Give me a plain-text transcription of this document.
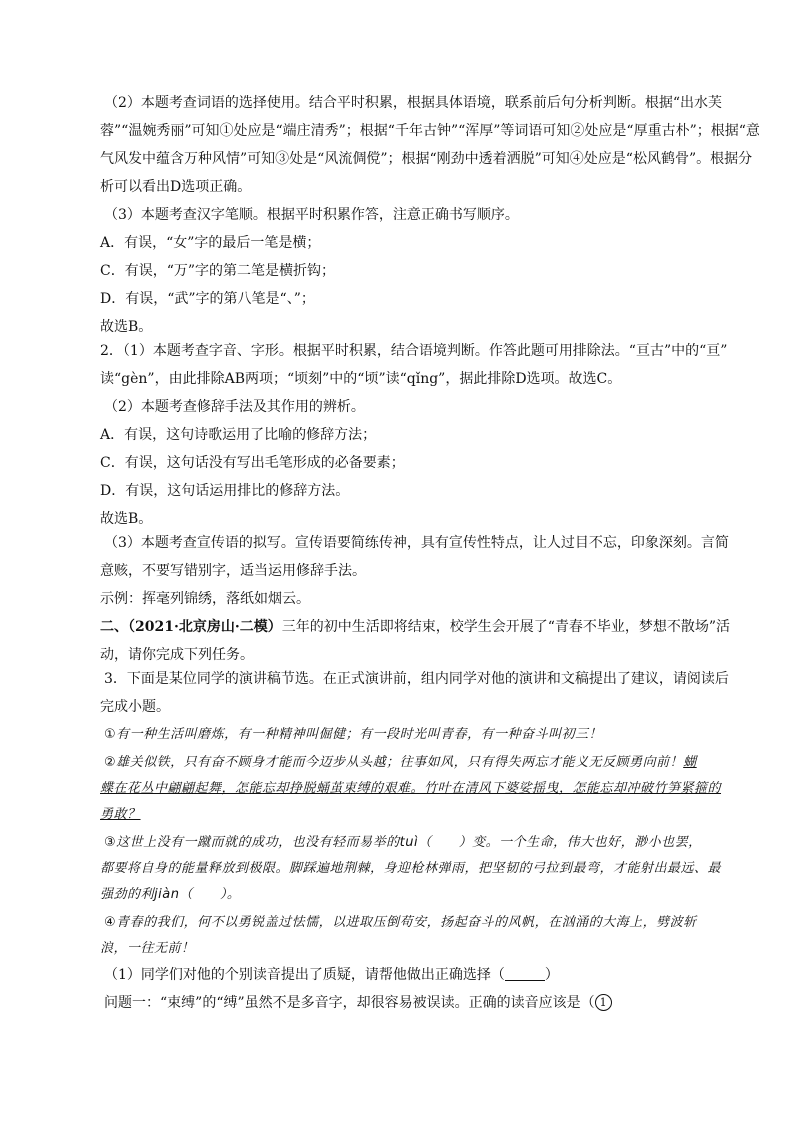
（2）本题考查词语的选择使用。结合平时积累，根据具体语境，联系前后句分析判断。根据“出水芙
蓉”“温婉秀丽”可知①处应是“端庄清秀”；根据“千年古钟”“浑厚”等词语可知②处应是“厚重古朴”；根据“意
气风发中蕴含万种风情”可知③处是“风流倜傥”；根据“刚劲中透着洒脱”可知④处应是“松风鹤骨”。根据分
析可以看出D选项正确。
（3）本题考查汉字笔顺。根据平时积累作答，注意正确书写顺序。
A．有误，“女”字的最后一笔是横；
C．有误，“万”字的第二笔是横折钩；
D．有误，“武”字的第八笔是“、”；
故选B。
2．（1）本题考查字音、字形。根据平时积累，结合语境判断。作答此题可用排除法。“亘古”中的“亘”
读“gèn”，由此排除AB两项；“顷刻”中的“顷”读“qǐng”，据此排除D选项。故选C。
（2）本题考查修辞手法及其作用的辨析。
A．有误，这句诗歌运用了比喻的修辞方法；
C．有误，这句话没有写出毛笔形成的必备要素；
D．有误，这句话运用排比的修辞方法。
故选B。
（3）本题考查宣传语的拟写。宣传语要简练传神，具有宣传性特点，让人过目不忘，印象深刻。言简
意赅，不要写错别字，适当运用修辞手法。
示例：挥毫列锦绣，落纸如烟云。
二、（2021·北京房山·二模）三年的初中生活即将结束，校学生会开展了“青春不毕业，梦想不散场”活
动，请你完成下列任务。
3．下面是某位同学的演讲稿节选。在正式演讲前，组内同学对他的演讲和文稿提出了建议，请阅读后
完成小题。
①有一种生活叫磨炼，有一种精神叫倔健；有一段时光叫青春，有一种奋斗叫初三！
②雄关似铁，只有奋不顾身才能而今迈步从头越；往事如风，只有得失两忘才能义无反顾勇向前！蝴
蝶在花丛中翩翩起舞，怎能忘却挣脱蛹茧束缚的艰难。竹叶在清风下婆娑摇曳，怎能忘却冲破竹笋紧箍的
勇敢？
③这世上没有一蹴而就的成功，也没有轻而易举的tuì（　　）变。一个生命，伟大也好，渺小也罢，
都要将自身的能量释放到极限。脚踩遍地荆棘，身迎枪林弹雨，把坚韧的弓拉到最弯，才能射出最远、最
强劲的利jiàn（　　）。
④青春的我们，何不以勇锐盖过怯懦，以进取压倒苟安，扬起奋斗的风帆，在汹涌的大海上，劈波斩
浪，一往无前！
（1）同学们对他的个别读音提出了质疑，请帮他做出正确选择（	）
问题一：“束缚”的“缚”虽然不是多音字，却很容易被误读。正确的读音应该是（ 1
